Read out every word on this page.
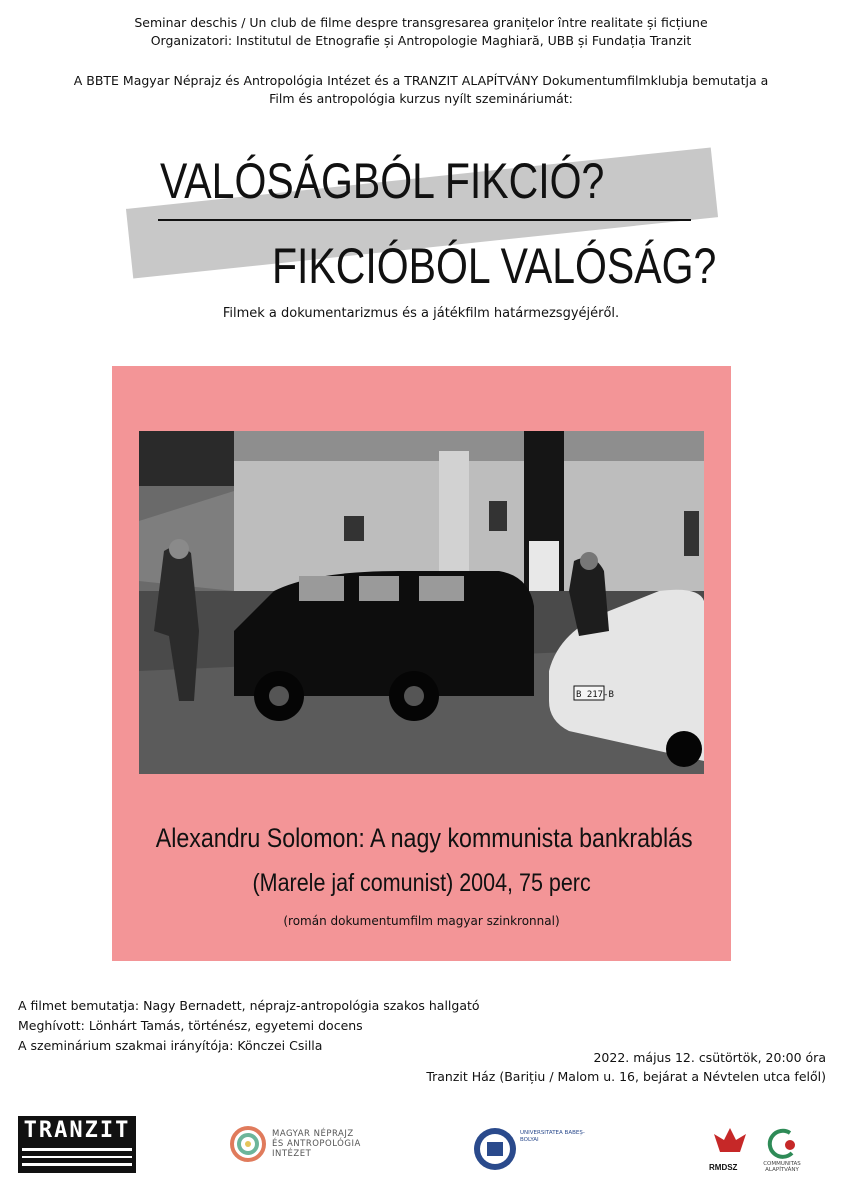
Seminar deschis / Un club de filme despre transgresarea granițelor între realitate și ficțiune
Organizatori: Institutul de Etnografie și Antropologie Maghiară, UBB și Fundația Tranzit
A BBTE Magyar Néprajz és Antropológia Intézet és a TRANZIT ALAPÍTVÁNY Dokumentumfilmklubja bemutatja a
Film és antropológia kurzus nyílt szemináriumát:
VALÓSÁGBÓL FIKCIÓ?
FIKCIÓBÓL VALÓSÁG?
Filmek a dokumentarizmus és a játékfilm határmezsgyéjéről.
B 217-B
Alexandru Solomon: A nagy kommunista bankrablás
(Marele jaf comunist) 2004, 75 perc
(román dokumentumfilm magyar szinkronnal)
A filmet bemutatja: Nagy Bernadett, néprajz-antropológia szakos hallgató
Meghívott: Lönhárt Tamás, történész, egyetemi docens
A szeminárium szakmai irányítója: Könczei Csilla
2022. május 12. csütörtök, 20:00 óra
Tranzit Ház (Barițiu / Malom u. 16, bejárat a Névtelen utca felől)
TRANZIT	MAGYAR NÉPRAJZ
ÉS ANTROPOLÓGIA
INTÉZET
UNIVERSITATEA BABEȘ-BOLYAI
RMDSZ	COMMUNITAS ALAPÍTVÁNY
